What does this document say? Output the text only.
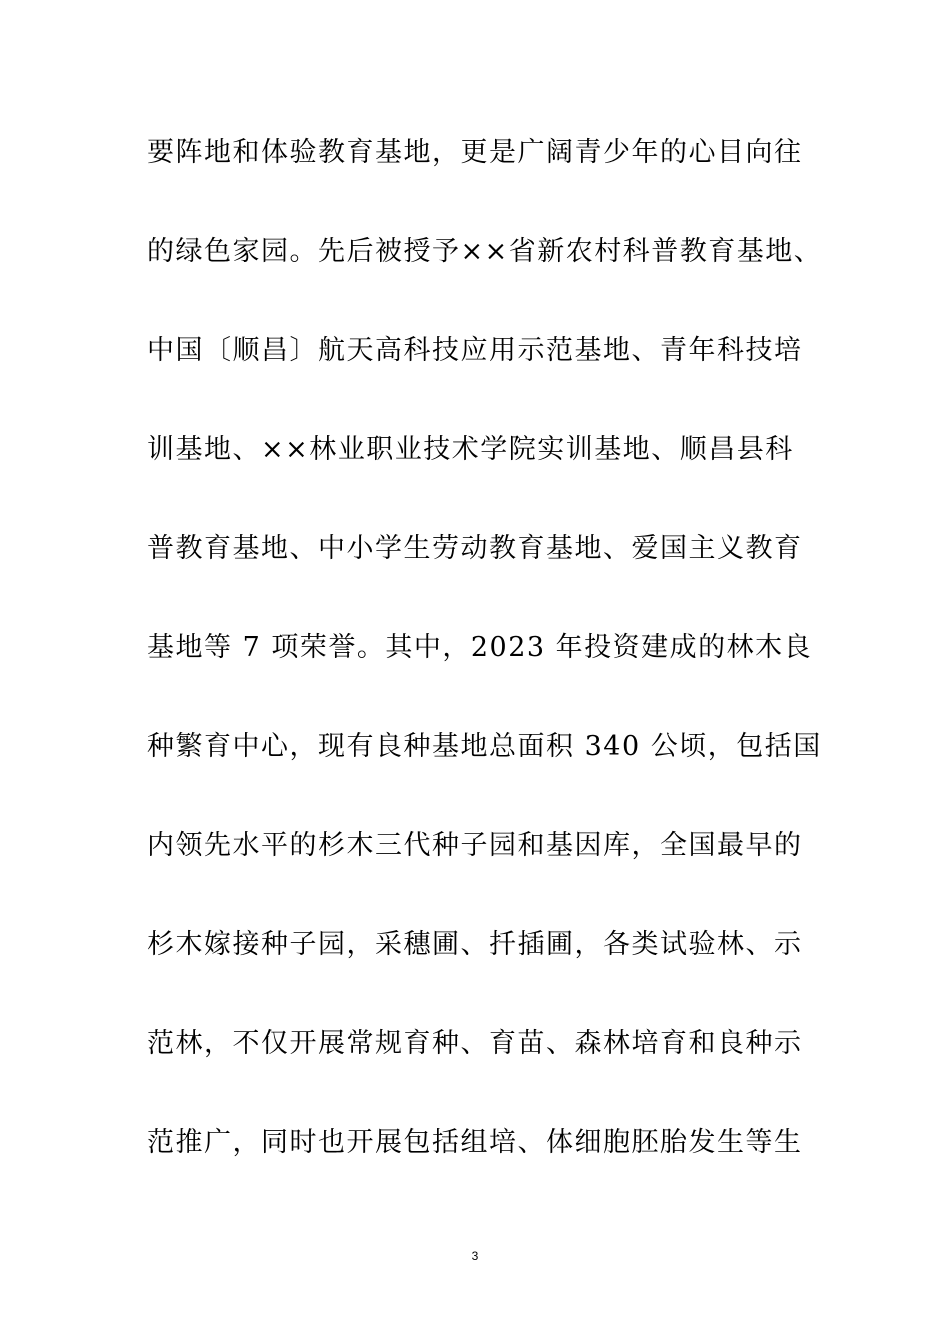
要阵地和体验教育基地，更是广阔青少年的心目向往
的绿色家园。先后被授予××省新农村科普教育基地、
中国〔顺昌〕航天高科技应用示范基地、青年科技培
训基地、××林业职业技术学院实训基地、顺昌县科
普教育基地、中小学生劳动教育基地、爱国主义教育
基地等 7 项荣誉。其中，2023 年投资建成的林木良
种繁育中心，现有良种基地总面积 340 公顷，包括国
内领先水平的杉木三代种子园和基因库，全国最早的
杉木嫁接种子园，采穗圃、扦插圃，各类试验林、示
范林，不仅开展常规育种、育苗、森林培育和良种示
范推广，同时也开展包括组培、体细胞胚胎发生等生
3
